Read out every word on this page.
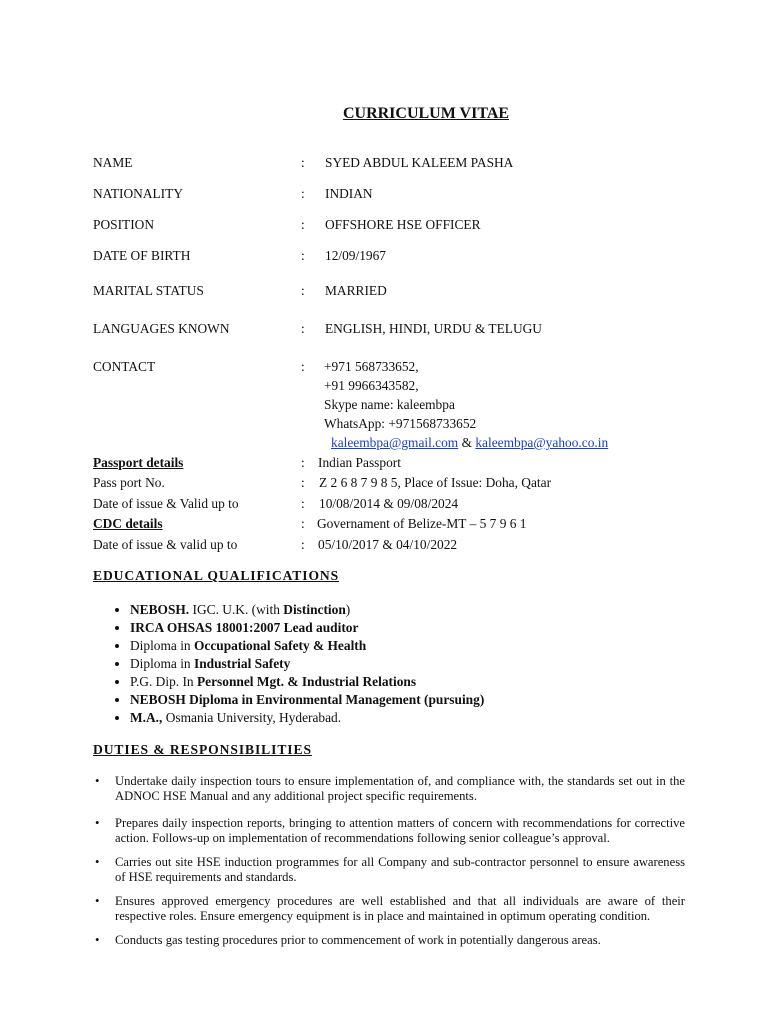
CURRICULUM VITAE
NAME	: SYED ABDUL KALEEM PASHA
NATIONALITY	: INDIAN
POSITION	: OFFSHORE HSE OFFICER
DATE OF BIRTH	: 12/09/1967
MARITAL STATUS	: MARRIED
LANGUAGES KNOWN	: ENGLISH, HINDI, URDU & TELUGU
CONTACT	: +971 568733652,
+91 9966343582,
Skype name: kaleembpa
WhatsApp: +971568733652
kaleembpa@gmail.com & kaleembpa@yahoo.co.in
Passport details	: Indian Passport
Pass port No.	: Z 2 6 8 7 9 8 5, Place of Issue: Doha, Qatar
Date of issue & Valid up to	: 10/08/2014 & 09/08/2024
CDC details	: Governament of Belize-MT – 5 7 9 6 1
Date of issue & valid up to	: 05/10/2017 & 04/10/2022
EDUCATIONAL QUALIFICATIONS
• NEBOSH. IGC. U.K. (with Distinction)
• IRCA OHSAS 18001:2007 Lead auditor
• Diploma in Occupational Safety & Health
• Diploma in Industrial Safety
• P.G. Dip. In Personnel Mgt. & Industrial Relations
• NEBOSH Diploma in Environmental Management (pursuing)
• M.A., Osmania University, Hyderabad.
DUTIES & RESPONSIBILITIES
• Undertake daily inspection tours to ensure implementation of, and compliance with, the standards set out in the ADNOC HSE Manual and any additional project specific requirements.
• Prepares daily inspection reports, bringing to attention matters of concern with recommendations for corrective action. Follows-up on implementation of recommendations following senior colleague’s approval.
• Carries out site HSE induction programmes for all Company and sub-contractor personnel to ensure awareness of HSE requirements and standards.
• Ensures approved emergency procedures are well established and that all individuals are aware of their respective roles. Ensure emergency equipment is in place and maintained in optimum operating condition.
• Conducts gas testing procedures prior to commencement of work in potentially dangerous areas.
